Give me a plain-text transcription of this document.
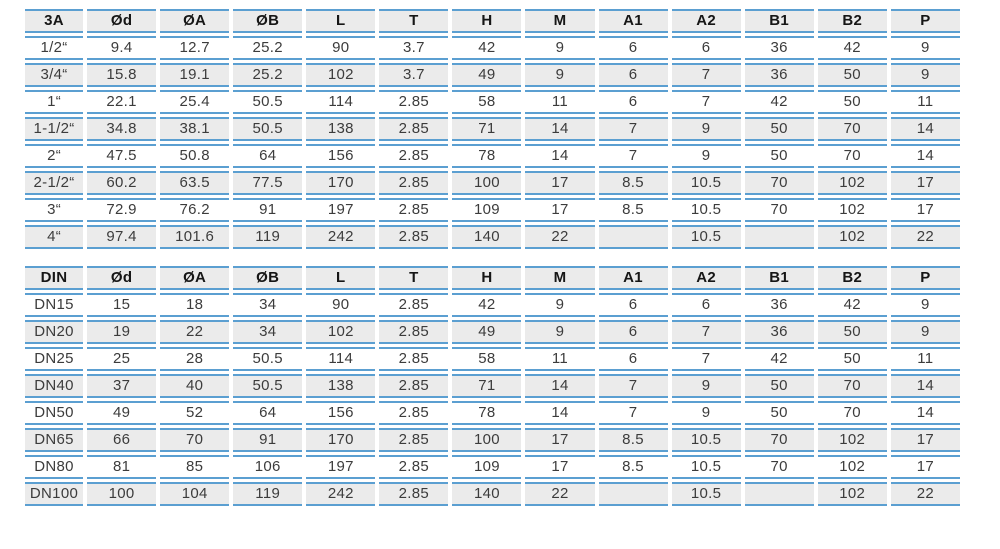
3A	Ød	ØA	ØB	L	T	H	M	A1	A2	B1	B2	P
1/2“	9.4	12.7	25.2	90	3.7	42	9	6	6	36	42	9
3/4“	15.8	19.1	25.2	102	3.7	49	9	6	7	36	50	9
1“	22.1	25.4	50.5	114	2.85	58	11	6	7	42	50	11
1-1/2“	34.8	38.1	50.5	138	2.85	71	14	7	9	50	70	14
2“	47.5	50.8	64	156	2.85	78	14	7	9	50	70	14
2-1/2“	60.2	63.5	77.5	170	2.85	100	17	8.5	10.5	70	102	17
3“	72.9	76.2	91	197	2.85	109	17	8.5	10.5	70	102	17
4“	97.4	101.6	119	242	2.85	140	22		10.5		102	22
DIN	Ød	ØA	ØB	L	T	H	M	A1	A2	B1	B2	P
DN15	15	18	34	90	2.85	42	9	6	6	36	42	9
DN20	19	22	34	102	2.85	49	9	6	7	36	50	9
DN25	25	28	50.5	114	2.85	58	11	6	7	42	50	11
DN40	37	40	50.5	138	2.85	71	14	7	9	50	70	14
DN50	49	52	64	156	2.85	78	14	7	9	50	70	14
DN65	66	70	91	170	2.85	100	17	8.5	10.5	70	102	17
DN80	81	85	106	197	2.85	109	17	8.5	10.5	70	102	17
DN100	100	104	119	242	2.85	140	22		10.5		102	22
